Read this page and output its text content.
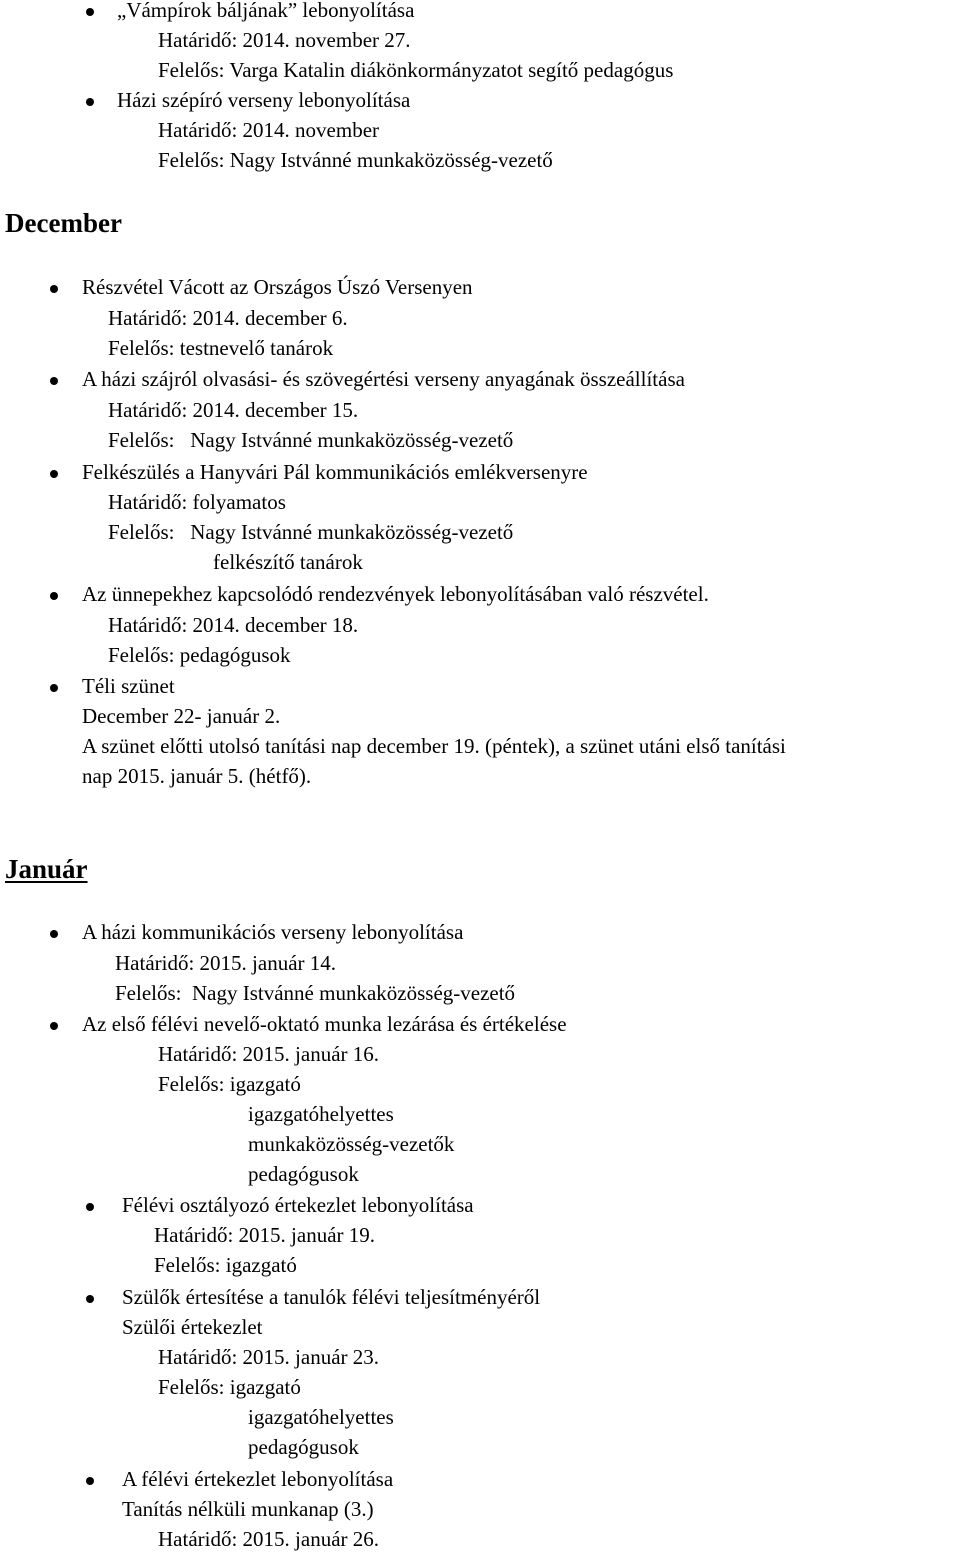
„Vámpírok báljának” lebonyolítása
Határidő: 2014. november 27.
Felelős: Varga Katalin diákönkormányzatot segítő pedagógus
Házi szépíró verseny lebonyolítása
Határidő: 2014. november
Felelős: Nagy Istvánné munkaközösség-vezető
December
Részvétel Vácott az Országos Úszó Versenyen
Határidő: 2014. december 6.
Felelős: testnevelő tanárok
A házi szájról olvasási- és szövegértési verseny anyagának összeállítása
Határidő: 2014. december 15.
Felelős:   Nagy Istvánné munkaközösség-vezető
Felkészülés a Hanyvári Pál kommunikációs emlékversenyre
Határidő: folyamatos
Felelős:   Nagy Istvánné munkaközösség-vezető
felkészítő tanárok
Az ünnepekhez kapcsolódó rendezvények lebonyolításában való részvétel.
Határidő: 2014. december 18.
Felelős: pedagógusok
Téli szünet
December 22- január 2.
A szünet előtti utolsó tanítási nap december 19. (péntek), a szünet utáni első tanítási
nap 2015. január 5. (hétfő).
Január
A házi kommunikációs verseny lebonyolítása
Határidő: 2015. január 14.
Felelős:  Nagy Istvánné munkaközösség-vezető
Az első félévi nevelő-oktató munka lezárása és értékelése
Határidő: 2015. január 16.
Felelős: igazgató
igazgatóhelyettes
munkaközösség-vezetők
pedagógusok
Félévi osztályozó értekezlet lebonyolítása
Határidő: 2015. január 19.
Felelős: igazgató
Szülők értesítése a tanulók félévi teljesítményéről
Szülői értekezlet
Határidő: 2015. január 23.
Felelős: igazgató
igazgatóhelyettes
pedagógusok
A félévi értekezlet lebonyolítása
Tanítás nélküli munkanap (3.)
Határidő: 2015. január 26.
